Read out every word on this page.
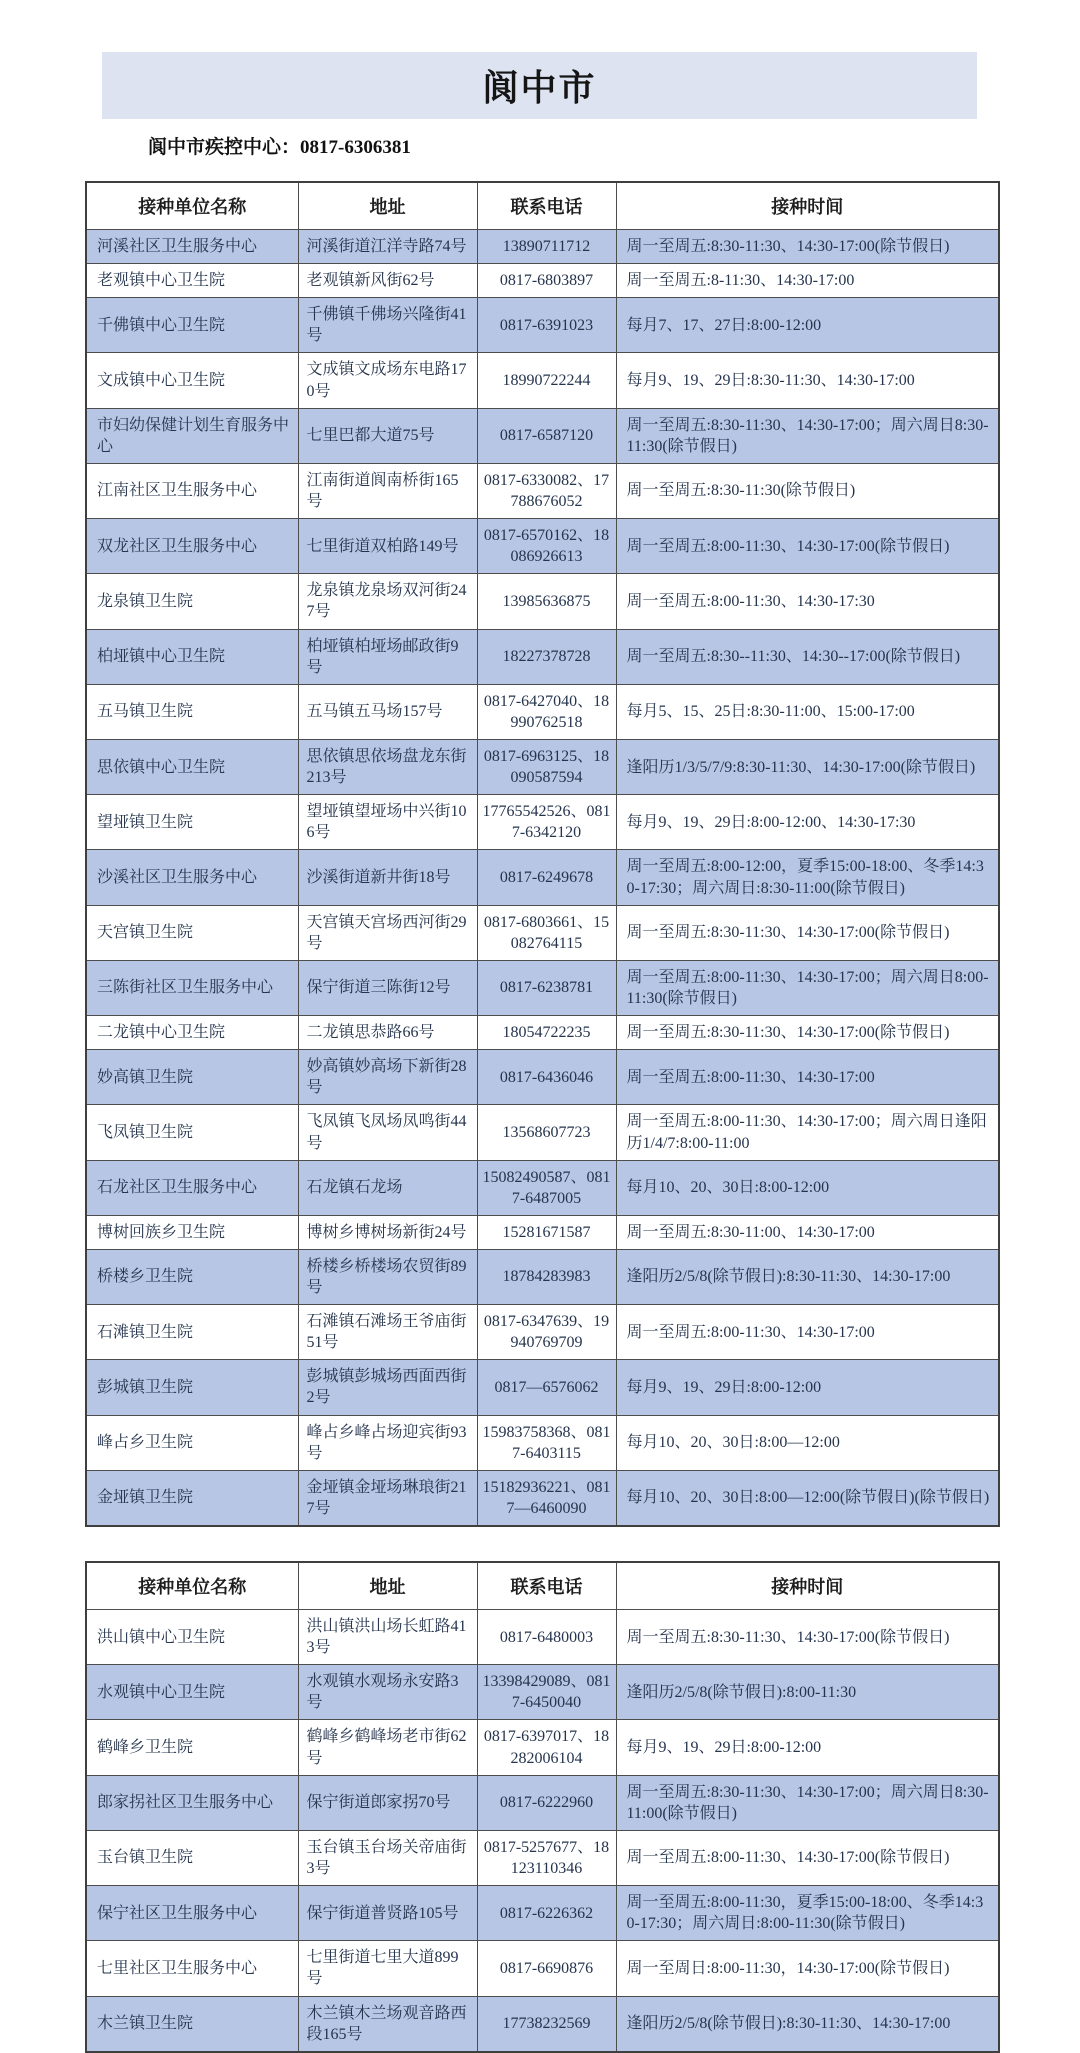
阆中市
阆中市疾控中心：0817-6306381
接种单位名称	地址	联系电话	接种时间
河溪社区卫生服务中心	河溪街道江洋寺路74号	13890711712	周一至周五:8:30-11:30、14:30-17:00(除节假日)
老观镇中心卫生院	老观镇新风街62号	0817-6803897	周一至周五:8-11:30、14:30-17:00
千佛镇中心卫生院	千佛镇千佛场兴隆街41号	0817-6391023	每月7、17、27日:8:00-12:00
文成镇中心卫生院	文成镇文成场东电路170号	18990722244	每月9、19、29日:8:30-11:30、14:30-17:00
市妇幼保健计划生育服务中心	七里巴都大道75号	0817-6587120	周一至周五:8:30-11:30、14:30-17:00；周六周日8:30-11:30(除节假日)
江南社区卫生服务中心	江南街道阆南桥街165号	0817-6330082、17788676052	周一至周五:8:30-11:30(除节假日)
双龙社区卫生服务中心	七里街道双柏路149号	0817-6570162、18086926613	周一至周五:8:00-11:30、14:30-17:00(除节假日)
龙泉镇卫生院	龙泉镇龙泉场双河街247号	13985636875	周一至周五:8:00-11:30、14:30-17:30
柏垭镇中心卫生院	柏垭镇柏垭场邮政街9号	18227378728	周一至周五:8:30--11:30、14:30--17:00(除节假日)
五马镇卫生院	五马镇五马场157号	0817-6427040、18990762518	每月5、15、25日:8:30-11:00、15:00-17:00
思依镇中心卫生院	思依镇思依场盘龙东街213号	0817-6963125、18090587594	逢阳历1/3/5/7/9:8:30-11:30、14:30-17:00(除节假日)
望垭镇卫生院	望垭镇望垭场中兴街106号	17765542526、0817-6342120	每月9、19、29日:8:00-12:00、14:30-17:30
沙溪社区卫生服务中心	沙溪街道新井街18号	0817-6249678	周一至周五:8:00-12:00，夏季15:00-18:00、冬季14:30-17:30；周六周日:8:30-11:00(除节假日)
天宫镇卫生院	天宫镇天宫场西河街29号	0817-6803661、15082764115	周一至周五:8:30-11:30、14:30-17:00(除节假日)
三陈街社区卫生服务中心	保宁街道三陈街12号	0817-6238781	周一至周五:8:00-11:30、14:30-17:00；周六周日8:00-11:30(除节假日)
二龙镇中心卫生院	二龙镇思恭路66号	18054722235	周一至周五:8:30-11:30、14:30-17:00(除节假日)
妙高镇卫生院	妙高镇妙高场下新街28号	0817-6436046	周一至周五:8:00-11:30、14:30-17:00
飞凤镇卫生院	飞凤镇飞凤场凤鸣街44号	13568607723	周一至周五:8:00-11:30、14:30-17:00；周六周日逢阳历1/4/7:8:00-11:00
石龙社区卫生服务中心	石龙镇石龙场	15082490587、0817-6487005	每月10、20、30日:8:00-12:00
博树回族乡卫生院	博树乡博树场新街24号	15281671587	周一至周五:8:30-11:00、14:30-17:00
桥楼乡卫生院	桥楼乡桥楼场农贸街89号	18784283983	逢阳历2/5/8(除节假日):8:30-11:30、14:30-17:00
石滩镇卫生院	石滩镇石滩场王爷庙街51号	0817-6347639、19940769709	周一至周五:8:00-11:30、14:30-17:00
彭城镇卫生院	彭城镇彭城场西面西街2号	0817—6576062	每月9、19、29日:8:00-12:00
峰占乡卫生院	峰占乡峰占场迎宾街93号	15983758368、0817-6403115	每月10、20、30日:8:00—12:00
金垭镇卫生院	金垭镇金垭场琳琅街217号	15182936221、0817—6460090	每月10、20、30日:8:00—12:00(除节假日)(除节假日)
接种单位名称	地址	联系电话	接种时间
洪山镇中心卫生院	洪山镇洪山场长虹路413号	0817-6480003	周一至周五:8:30-11:30、14:30-17:00(除节假日)
水观镇中心卫生院	水观镇水观场永安路3号	13398429089、0817-6450040	逢阳历2/5/8(除节假日):8:00-11:30
鹤峰乡卫生院	鹤峰乡鹤峰场老市街62号	0817-6397017、18282006104	每月9、19、29日:8:00-12:00
郎家拐社区卫生服务中心	保宁街道郎家拐70号	0817-6222960	周一至周五:8:30-11:30、14:30-17:00；周六周日8:30-11:00(除节假日)
玉台镇卫生院	玉台镇玉台场关帝庙街3号	0817-5257677、18123110346	周一至周五:8:00-11:30、14:30-17:00(除节假日)
保宁社区卫生服务中心	保宁街道普贤路105号	0817-6226362	周一至周五:8:00-11:30，夏季15:00-18:00、冬季14:30-17:30；周六周日:8:00-11:30(除节假日)
七里社区卫生服务中心	七里街道七里大道899号	0817-6690876	周一至周日:8:00-11:30，14:30-17:00(除节假日)
木兰镇卫生院	木兰镇木兰场观音路西段165号	17738232569	逢阳历2/5/8(除节假日):8:30-11:30、14:30-17:00
